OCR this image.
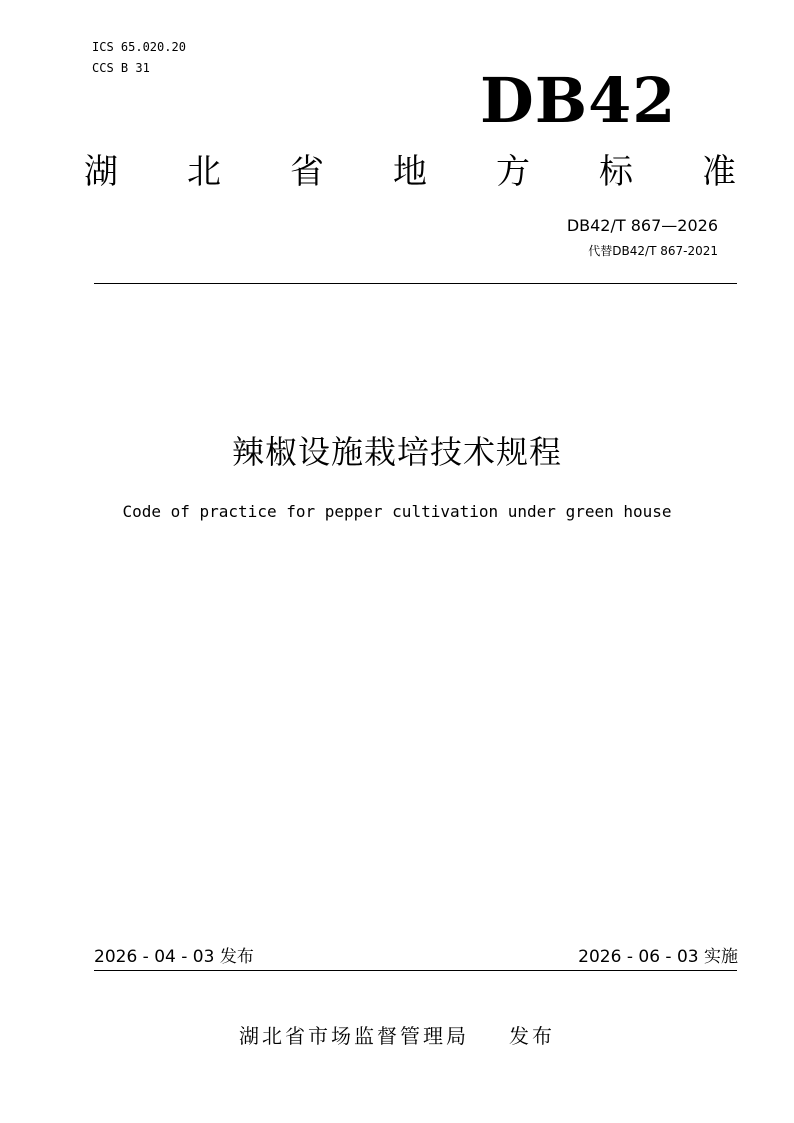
ICS 65.020.20
CCS B 31	DB42
湖 北 省 地 方 标 准
DB42/T 867—2026
代替DB42/T 867-2021
辣椒设施栽培技术规程
Code of practice for pepper cultivation under green house
2026 - 04 - 03 发布	2026 - 06 - 03 实施
湖北省市场监督管理局 发布
